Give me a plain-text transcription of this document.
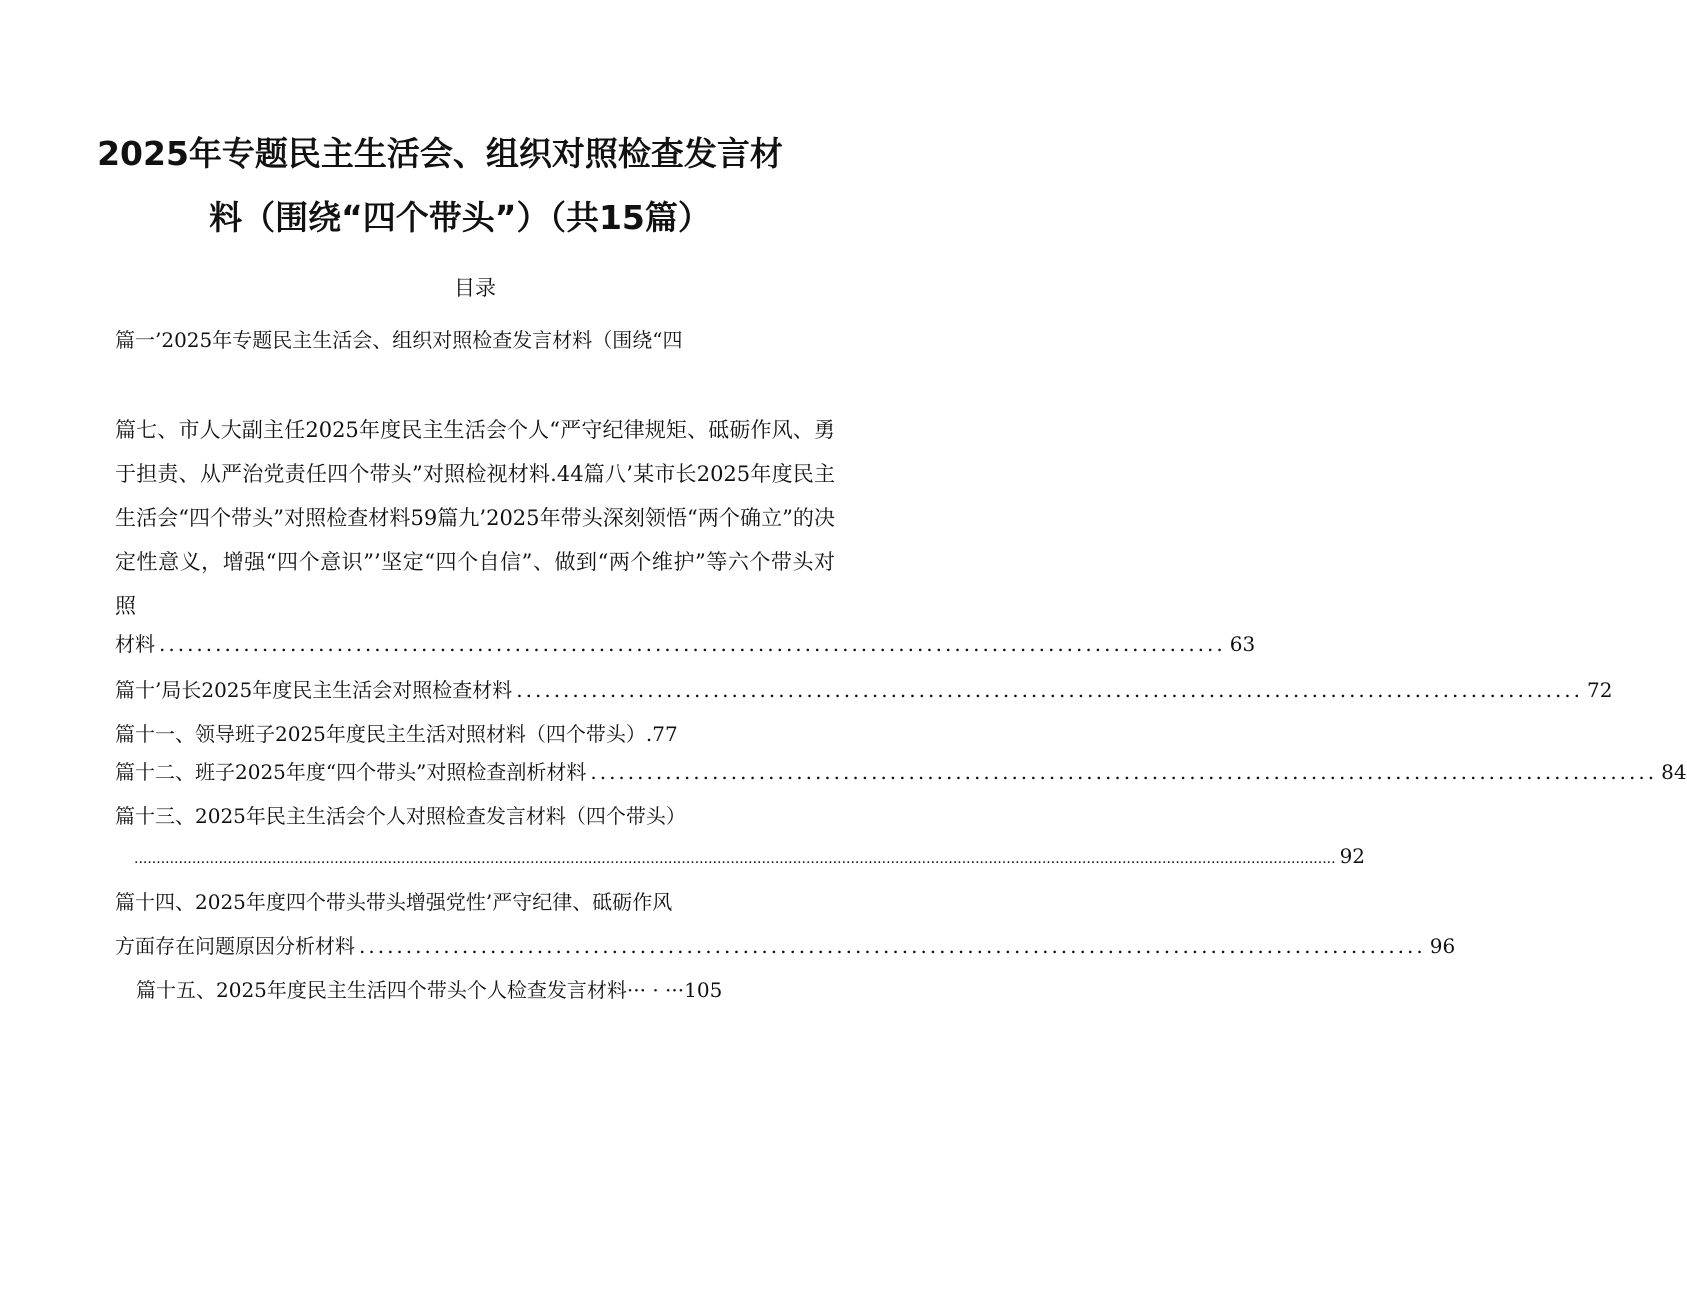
2025年专题民主生活会、组织对照检查发言材
料（围绕“四个带头”）（共15篇）
目录
篇一’2025年专题民主生活会、组织对照检查发言材料（围绕“四
篇七、市人大副主任2025年度民主生活会个人“严守纪律规矩、砥砺作风、勇于担责、从严治党责任四个带头”对照检视材料.44篇八’某市长2025年度民主生活会“四个带头”对照检查材料59篇九’2025年带头深刻领悟“两个确立”的决定性意义，增强“四个意识”’坚定“四个自信”、做到“两个维护”等六个带头对照
材料 .................................................................................................................. 63
篇十’局长2025年度民主生活会对照检查材料 .................................................................................................................. 72
篇十一、领导班子2025年度民主生活对照材料（四个带头）.77
篇十二、班子2025年度“四个带头”对照检查剖析材料 .................................................................................................................. 84
篇十三、2025年民主生活会个人对照检查发言材料（四个带头）
.............................................................................................................................................................................................................................................................................. 92
篇十四、2025年度四个带头带头增强党性’严守纪律、砥砺作风
方面存在问题原因分析材料 .................................................................................................................. 96
篇十五、2025年度民主生活四个带头个人检查发言材料··· · ···105
